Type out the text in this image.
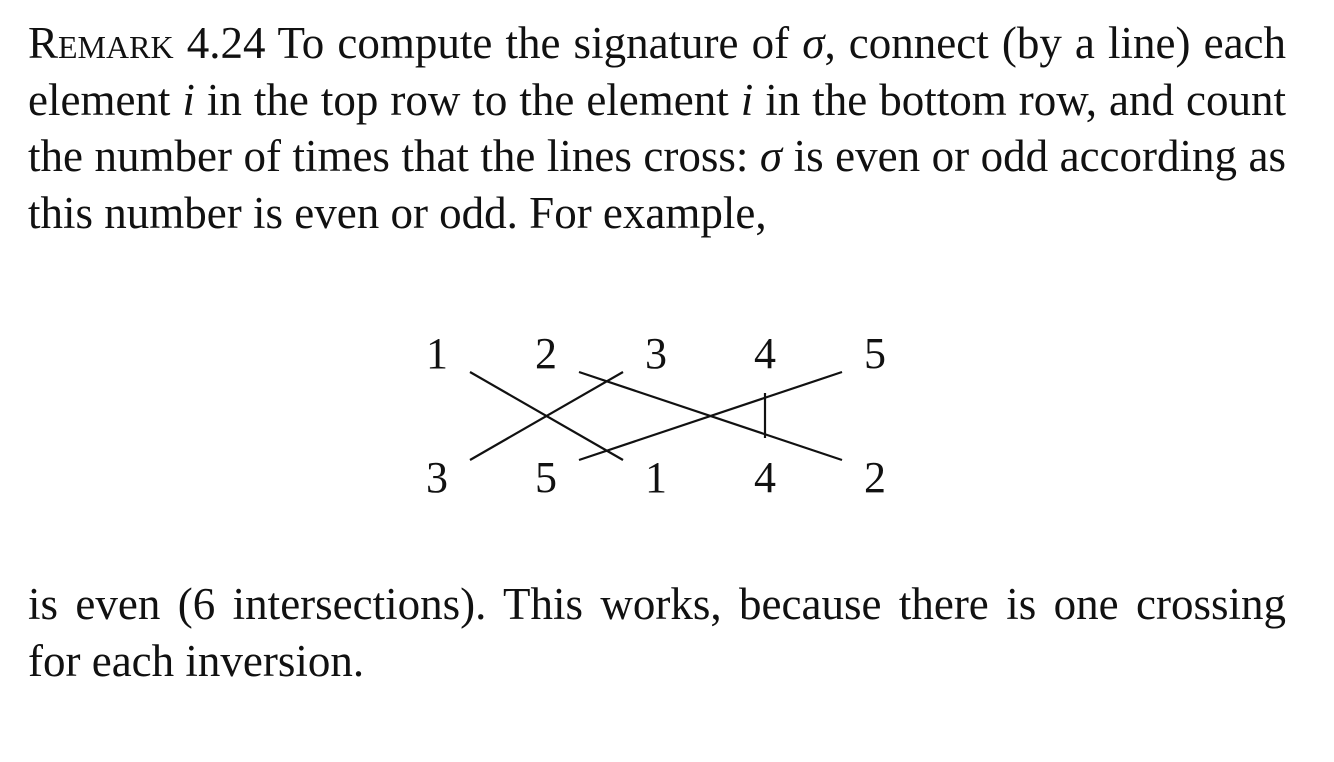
Remark 4.24 To compute the signature of σ, connect (by a line) each element i in the top row to the element i in the bottom row, and count the number of times that the lines cross: σ is even or odd according as this number is even or odd. For example,

1 2 3 4 5
3 5 1 4 2

is even (6 intersections). This works, because there is one crossing for each inversion.
